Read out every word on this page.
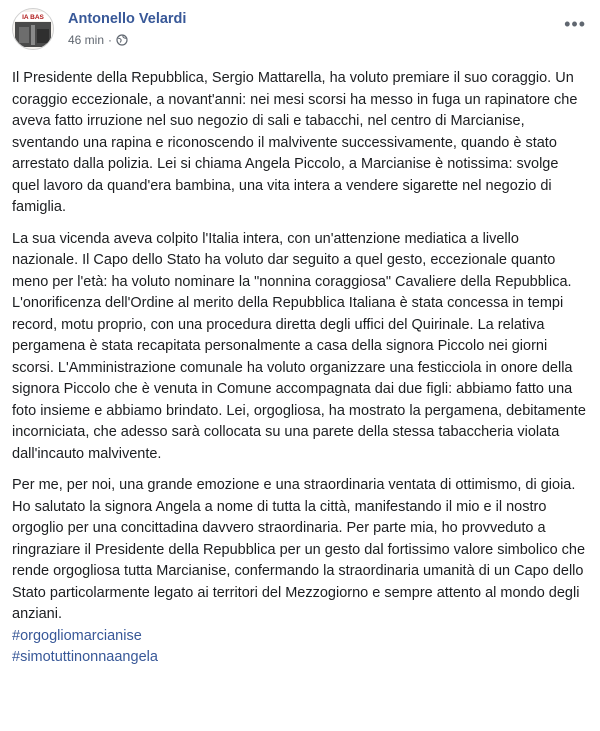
IA BAS Antonello Velardi
46 min ·
•••

Il Presidente della Repubblica, Sergio Mattarella, ha voluto premiare il suo coraggio. Un coraggio eccezionale, a novant'anni: nei mesi scorsi ha messo in fuga un rapinatore che aveva fatto irruzione nel suo negozio di sali e tabacchi, nel centro di Marcianise, sventando una rapina e riconoscendo il malvivente successivamente, quando è stato arrestato dalla polizia. Lei si chiama Angela Piccolo, a Marcianise è notissima: svolge quel lavoro da quand'era bambina, una vita intera a vendere sigarette nel negozio di famiglia.

La sua vicenda aveva colpito l'Italia intera, con un'attenzione mediatica a livello nazionale. Il Capo dello Stato ha voluto dar seguito a quel gesto, eccezionale quanto meno per l'età: ha voluto nominare la "nonnina coraggiosa" Cavaliere della Repubblica. L'onorificenza dell'Ordine al merito della Repubblica Italiana è stata concessa in tempi record, motu proprio, con una procedura diretta degli uffici del Quirinale. La relativa pergamena è stata recapitata personalmente a casa della signora Piccolo nei giorni scorsi. L'Amministrazione comunale ha voluto organizzare una festicciola in onore della signora Piccolo che è venuta in Comune accompagnata dai due figli: abbiamo fatto una foto insieme e abbiamo brindato. Lei, orgogliosa, ha mostrato la pergamena, debitamente incorniciata, che adesso sarà collocata su una parete della stessa tabaccheria violata dall'incauto malvivente.

Per me, per noi, una grande emozione e una straordinaria ventata di ottimismo, di gioia. Ho salutato la signora Angela a nome di tutta la città, manifestando il mio e il nostro orgoglio per una concittadina davvero straordinaria. Per parte mia, ho provveduto a ringraziare il Presidente della Repubblica per un gesto dal fortissimo valore simbolico che rende orgogliosa tutta Marcianise, confermando la straordinaria umanità di un Capo dello Stato particolarmente legato ai territori del Mezzogiorno e sempre attento al mondo degli anziani.

#orgogliomarcianise
#simotuttinonnaangela
